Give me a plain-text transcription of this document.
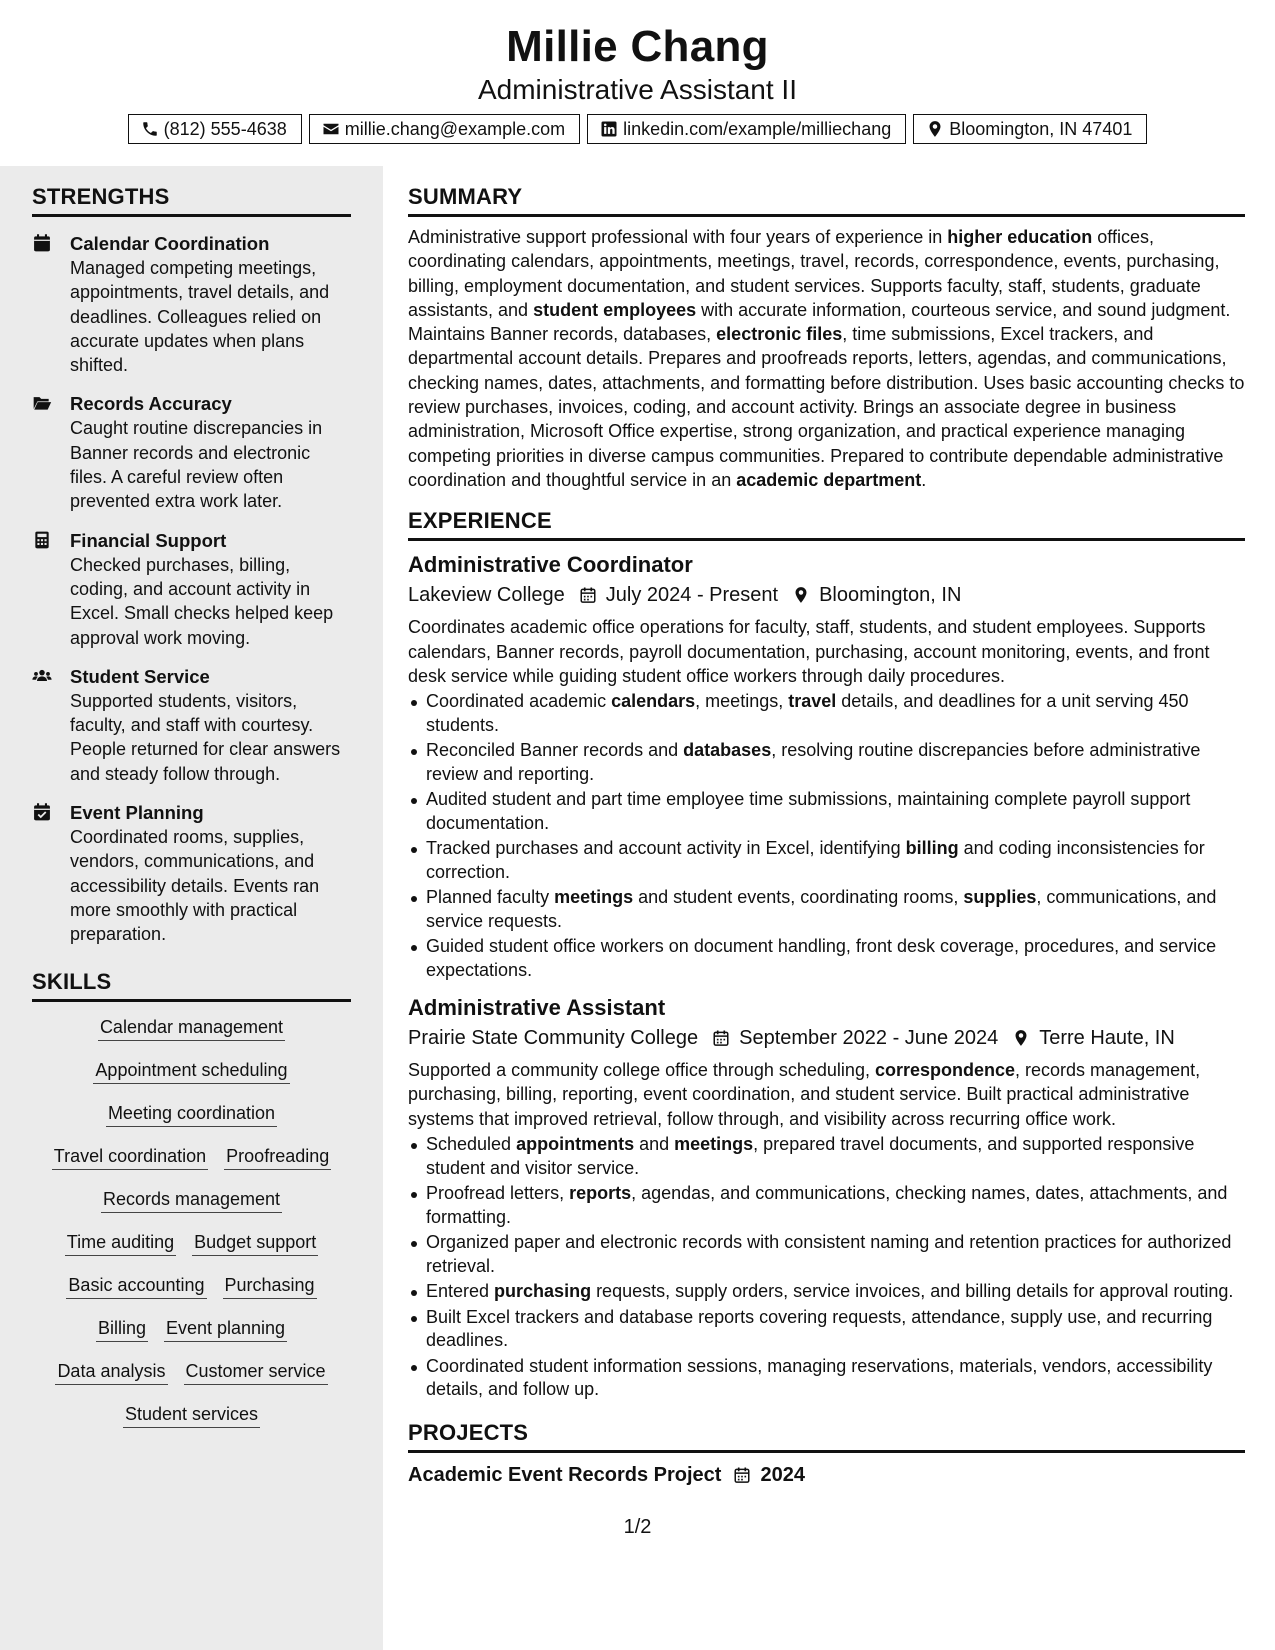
Millie Chang
Administrative Assistant II
(812) 555-4638	millie.chang@example.com	linkedin.com/example/milliechang	Bloomington, IN 47401
STRENGTHS
Calendar Coordination
Managed competing meetings, appointments, travel details, and deadlines. Colleagues relied on accurate updates when plans shifted.
Records Accuracy
Caught routine discrepancies in Banner records and electronic files. A careful review often prevented extra work later.
Financial Support
Checked purchases, billing, coding, and account activity in Excel. Small checks helped keep approval work moving.
Student Service
Supported students, visitors, faculty, and staff with courtesy. People returned for clear answers and steady follow through.
Event Planning
Coordinated rooms, supplies, vendors, communications, and accessibility details. Events ran more smoothly with practical preparation.
SKILLS
Calendar management
Appointment scheduling
Meeting coordination
Travel coordination Proofreading
Records management
Time auditing Budget support
Basic accounting Purchasing
Billing Event planning
Data analysis Customer service
Student services
SUMMARY
Administrative support professional with four years of experience in higher education offices, coordinating calendars, appointments, meetings, travel, records, correspondence, events, purchasing, billing, employment documentation, and student services. Supports faculty, staff, students, graduate assistants, and student employees with accurate information, courteous service, and sound judgment. Maintains Banner records, databases, electronic files, time submissions, Excel trackers, and departmental account details. Prepares and proofreads reports, letters, agendas, and communications, checking names, dates, attachments, and formatting before distribution. Uses basic accounting checks to review purchases, invoices, coding, and account activity. Brings an associate degree in business administration, Microsoft Office expertise, strong organization, and practical experience managing competing priorities in diverse campus communities. Prepared to contribute dependable administrative coordination and thoughtful service in an academic department.
EXPERIENCE
Administrative Coordinator
Lakeview College July 2024 - Present Bloomington, IN
Coordinates academic office operations for faculty, staff, students, and student employees. Supports calendars, Banner records, payroll documentation, purchasing, account monitoring, events, and front desk service while guiding student office workers through daily procedures.
Coordinated academic calendars, meetings, travel details, and deadlines for a unit serving 450 students.
Reconciled Banner records and databases, resolving routine discrepancies before administrative review and reporting.
Audited student and part time employee time submissions, maintaining complete payroll support documentation.
Tracked purchases and account activity in Excel, identifying billing and coding inconsistencies for correction.
Planned faculty meetings and student events, coordinating rooms, supplies, communications, and service requests.
Guided student office workers on document handling, front desk coverage, procedures, and service expectations.
Administrative Assistant
Prairie State Community College September 2022 - June 2024 Terre Haute, IN
Supported a community college office through scheduling, correspondence, records management, purchasing, billing, reporting, event coordination, and student service. Built practical administrative systems that improved retrieval, follow through, and visibility across recurring office work.
Scheduled appointments and meetings, prepared travel documents, and supported responsive student and visitor service.
Proofread letters, reports, agendas, and communications, checking names, dates, attachments, and formatting.
Organized paper and electronic records with consistent naming and retention practices for authorized retrieval.
Entered purchasing requests, supply orders, service invoices, and billing details for approval routing.
Built Excel trackers and database reports covering requests, attendance, supply use, and recurring deadlines.
Coordinated student information sessions, managing reservations, materials, vendors, accessibility details, and follow up.
PROJECTS
Academic Event Records Project 2024
1/2
